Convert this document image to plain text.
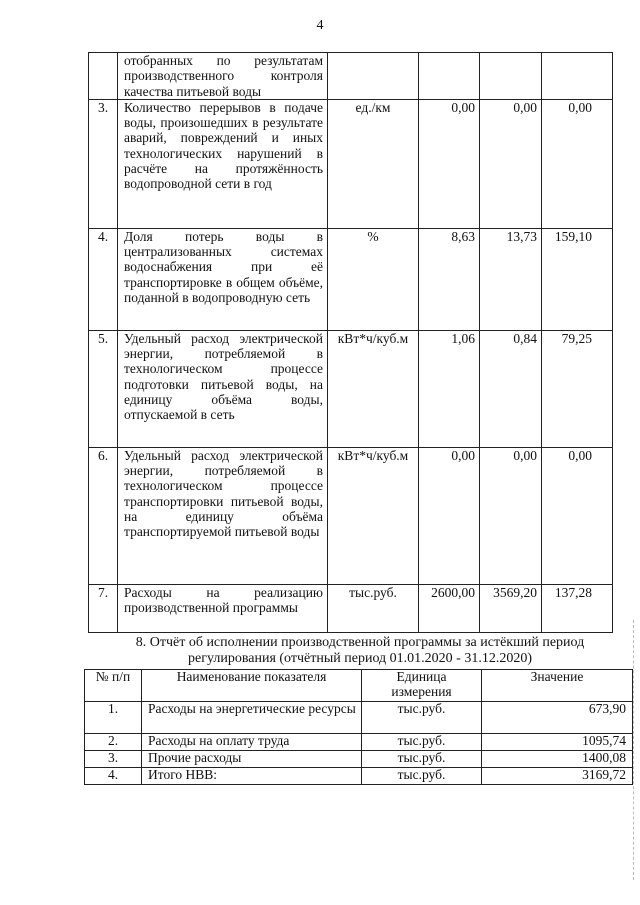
4
	отобранных по результатам производственного контроля качества питьевой воды				
3.	Количество перерывов в подаче воды, произошедших в результате аварий, повреждений и иных технологических нарушений в расчёте на протяжённость водопроводной сети в год	ед./км	0,00	0,00	0,00
4.	Доля потерь воды в централизованных системах водоснабжения при её транспортировке в общем объёме, поданной в водопроводную сеть	%	8,63	13,73	159,10
5.	Удельный расход электрической энергии, потребляемой в технологическом процессе подготовки питьевой воды, на единицу объёма воды, отпускаемой в сеть	кВт*ч/куб.м	1,06	0,84	79,25
6.	Удельный расход электрической энергии, потребляемой в технологическом процессе транспортировки питьевой воды, на единицу объёма транспортируемой питьевой воды	кВт*ч/куб.м	0,00	0,00	0,00
7.	Расходы на реализацию производственной программы	тыс.руб.	2600,00	3569,20	137,28
8. Отчёт об исполнении производственной программы за истёкший период регулирования (отчётный период 01.01.2020 - 31.12.2020)
№ п/п	Наименование показателя	Единица измерения	Значение
1.	Расходы на энергетические ресурсы	тыс.руб.	673,90
2.	Расходы на оплату труда	тыс.руб.	1095,74
3.	Прочие расходы	тыс.руб.	1400,08
4.	Итого НВВ:	тыс.руб.	3169,72
